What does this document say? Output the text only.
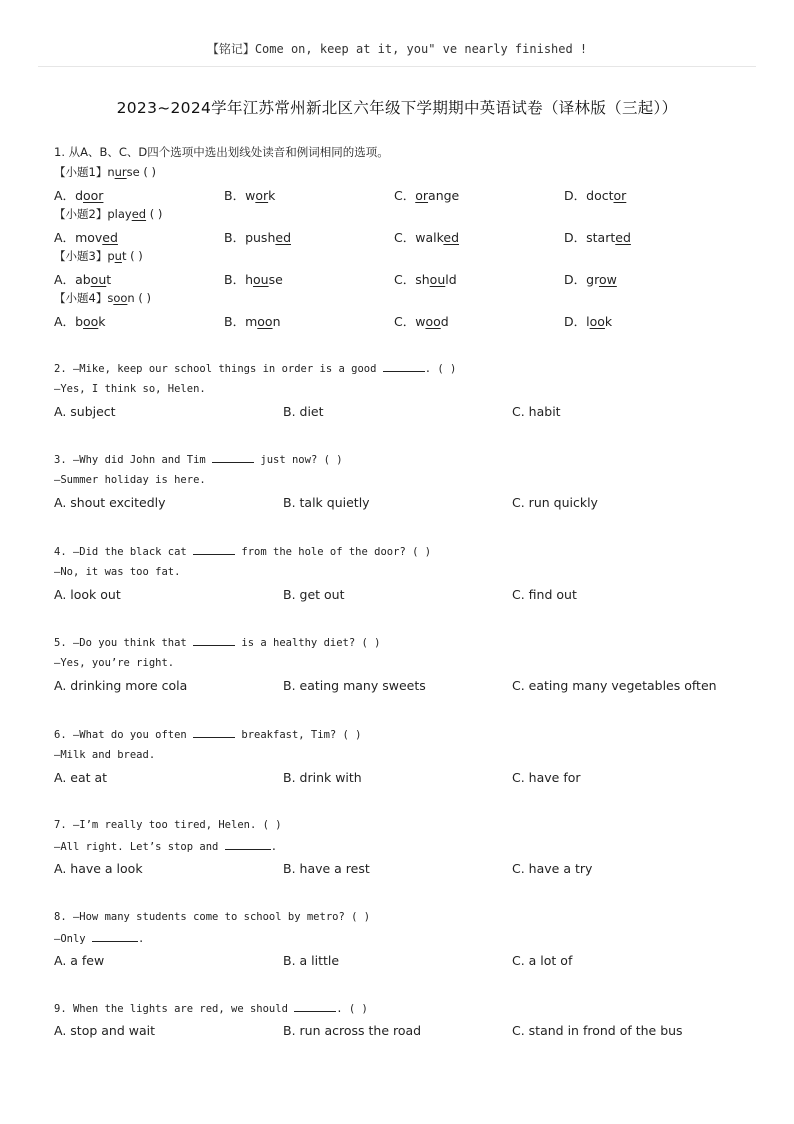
【铭记】Come on, keep at it, you" ve nearly finished !
2023~2024学年江苏常州新北区六年级下学期期中英语试卷（译林版（三起））
1. 从A、B、C、D四个选项中选出划线处读音和例词相同的选项。
【小题1】nurse ( )
A．door	B．work	C．orange	D．doctor
【小题2】played ( )
A．moved	B．pushed	C．walked	D．started
【小题3】put ( )
A．about	B．house	C．should	D．grow
【小题4】soon ( )
A．book	B．moon	C．wood	D．look
2. —Mike, keep our school things in order is a good	. ( )
—Yes, I think so, Helen.
A. subject	B. diet	C. habit
3. —Why did John and Tim	just now? ( )
—Summer holiday is here.
A. shout excitedly	B. talk quietly	C. run quickly
4. —Did the black cat	from the hole of the door? ( )
—No, it was too fat.
A. look out	B. get out	C. find out
5. —Do you think that	is a healthy diet? ( )
—Yes, you’re right.
A. drinking more cola	B. eating many sweets	C. eating many vegetables often
6. —What do you often	breakfast, Tim? ( )
—Milk and bread.
A. eat at	B. drink with	C. have for
7. —I’m really too tired, Helen. ( )
—All right. Let’s stop and	.
A. have a look	B. have a rest	C. have a try
8. —How many students come to school by metro? ( )
—Only	.
A. a few	B. a little	C. a lot of
9. When the lights are red, we should	. ( )
A. stop and wait	B. run across the road	C. stand in frond of the bus
